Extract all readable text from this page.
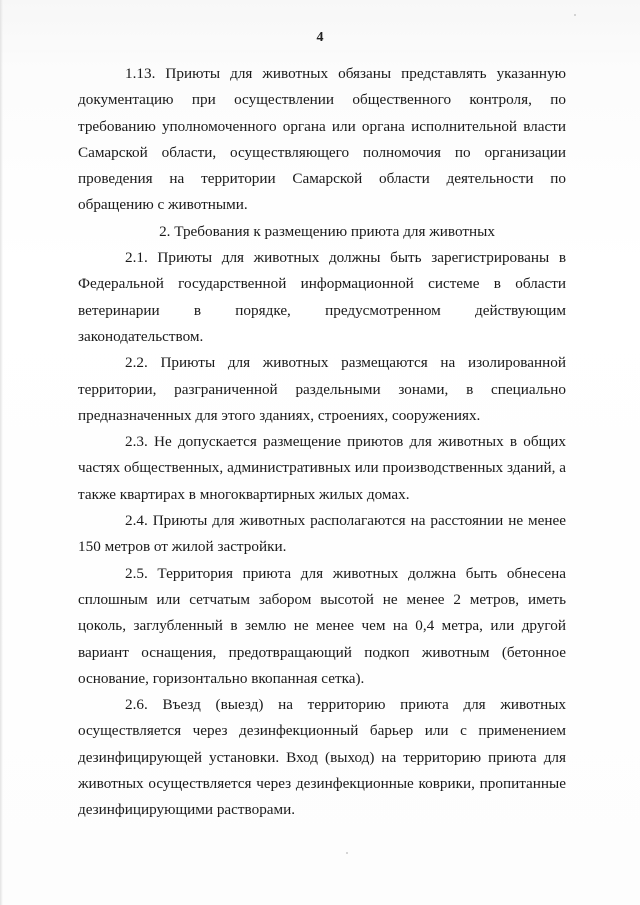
4

1.13. Приюты для животных обязаны представлять указанную документацию при осуществлении общественного контроля, по требованию уполномоченного органа или органа исполнительной власти Самарской области, осуществляющего полномочия по организации проведения на территории Самарской области деятельности по обращению с животными.

2. Требования к размещению приюта для животных

2.1. Приюты для животных должны быть зарегистрированы в Федеральной государственной информационной системе в области ветеринарии в порядке, предусмотренном действующим законодательством.

2.2. Приюты для животных размещаются на изолированной территории, разграниченной раздельными зонами, в специально предназначенных для этого зданиях, строениях, сооружениях.

2.3. Не допускается размещение приютов для животных в общих частях общественных, административных или производственных зданий, а также квартирах в многоквартирных жилых домах.

2.4. Приюты для животных располагаются на расстоянии не менее 150 метров от жилой застройки.

2.5. Территория приюта для животных должна быть обнесена сплошным или сетчатым забором высотой не менее 2 метров, иметь цоколь, заглубленный в землю не менее чем на 0,4 метра, или другой вариант оснащения, предотвращающий подкоп животным (бетонное основание, горизонтально вкопанная сетка).

2.6. Въезд (выезд) на территорию приюта для животных осуществляется через дезинфекционный барьер или с применением дезинфицирующей установки. Вход (выход) на территорию приюта для животных осуществляется через дезинфекционные коврики, пропитанные дезинфицирующими растворами.
